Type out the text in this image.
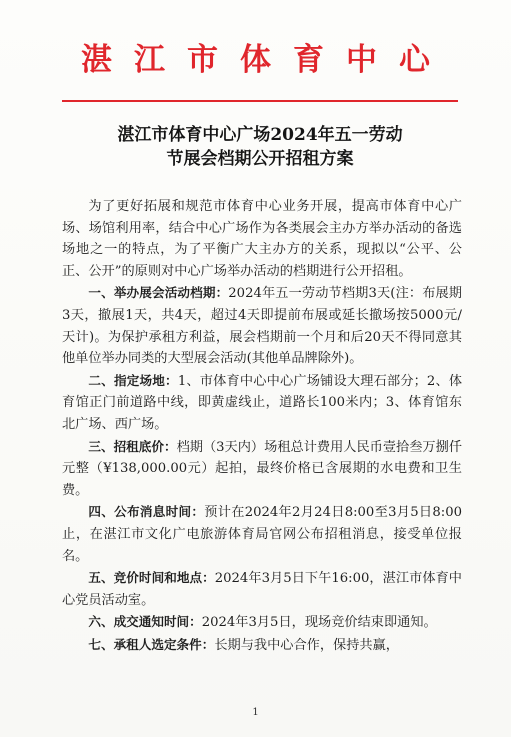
湛江市体育中心
湛江市体育中心广场2024年五一劳动
节展会档期公开招租方案

为了更好拓展和规范市体育中心业务开展，提高市体育中心广场、场馆利用率，结合中心广场作为各类展会主办方举办活动的备选场地之一的特点，为了平衡广大主办方的关系，现拟以“公平、公正、公开”的原则对中心广场举办活动的档期进行公开招租。

一、举办展会活动档期：2024年五一劳动节档期3天(注：布展期3天，撤展1天，共4天，超过4天即提前布展或延长撤场按5000元/天计)。为保护承租方利益，展会档期前一个月和后20天不得同意其他单位举办同类的大型展会活动(其他单品牌除外)。

二、指定场地：1、市体育中心中心广场铺设大理石部分；2、体育馆正门前道路中线，即黄虚线止，道路长100米内；3、体育馆东北广场、西广场。

三、招租底价：档期（3天内）场租总计费用人民币壹拾叁万捌仟元整（¥138,000.00元）起拍，最终价格已含展期的水电费和卫生费。

四、公布消息时间：预计在2024年2月24日8:00至3月5日8:00止，在湛江市文化广电旅游体育局官网公布招租消息，接受单位报名。

五、竞价时间和地点：2024年3月5日下午16:00，湛江市体育中心党员活动室。

六、成交通知时间：2024年3月5日，现场竞价结束即通知。

七、承租人选定条件：长期与我中心合作，保持共赢，

1
